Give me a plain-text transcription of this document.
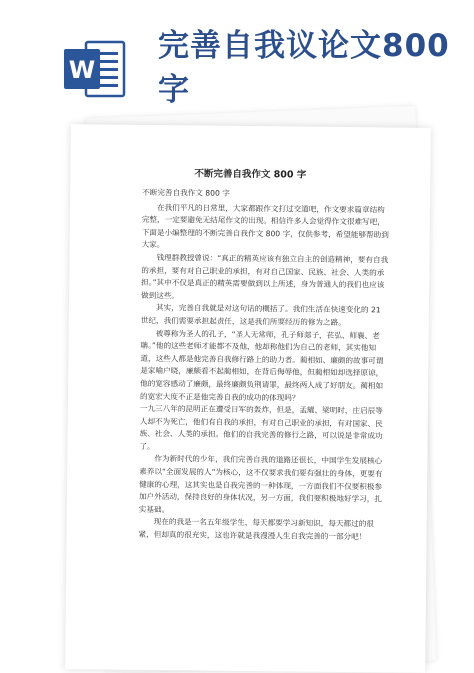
W
完善自我议论文800字
不断完善自我作文 800 字

不断完善自我作文 800 字

在我们平凡的日常里，大家都跟作文打过交道吧，作文要求篇章结构完整，一定要避免无结尾作文的出现。相信许多人会觉得作文很难写吧，下面是小编整理的不断完善自我作文 800 字，仅供参考，希望能够帮助到大家。

钱理群教授曾说：“真正的精英应该有独立自主的创造精神，要有自我的承担，要有对自己职业的承担，有对自己国家、民族、社会、人类的承担。”其中不仅是真正的精英需要做到以上所述，身为普通人的我们也应该做到这些。

其实，完善自我就是对这句话的概括了。我们生活在快速变化的 21 世纪，我们需要承担起责任，这是我们所要经历的修为之路。

被尊称为圣人的孔子，“圣人无常师，孔子师郯子，苌弘、师襄、老聃。”他的这些老师才能都不及他，他却称他们为自己的老师，其实他知道，这些人都是他完善自我修行路上的助力者。蔺相如、廉颇的故事可谓是家喻户晓，廉颇看不起蔺相如，在背后侮辱他，但蔺相如却选择原谅，他的宽容感动了廉颇，最终廉颇负荆请罪，最终两人成了好朋友。蔺相如的宽宏大度不正是他完善自我的成功的体现吗？

一九三八年的昆明正在遭受日军的轰炸，但是，孟耀、梁明时，庄启辰等人却不为死亡，他们有自我的承担，有对自己职业的承担，有对国家、民族、社会、人类的承担。他们的自我完善的修行之路，可以说是非常成功了。

作为新时代的少年，我们完善自我的道路还很长，中国学生发展核心素养以“全面发展的人”为核心，这不仅要求我们要有强壮的身体，更要有健康的心理，这其实也是自我完善的一种体现，一方面我们不仅要积极参加户外活动，保持良好的身体状况，另一方面，我们要积极地好学习，扎实基础。

现在的我是一名五年级学生，每天都要学习新知识，每天都过的很紧，但却真的很充实，这也许就是我漫漫人生自我完善的一部分吧！
